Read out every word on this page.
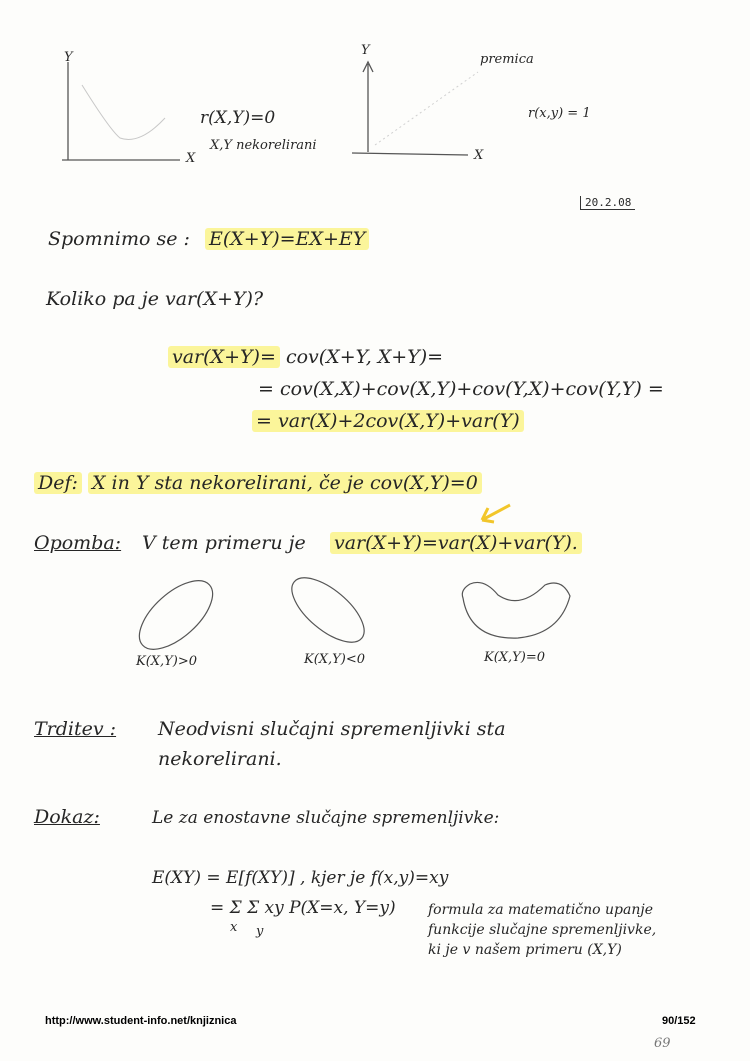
Y
X
r(X,Y)=0
X,Y nekorelirani
Y
X
premica
r(x,y) = 1
20.2.08
Spomnimo se : E(X+Y)=EX+EY
Koliko pa je var(X+Y)?
var(X+Y)= cov(X+Y, X+Y)=
= cov(X,X)+cov(X,Y)+cov(Y,X)+cov(Y,Y) =
= var(X)+2cov(X,Y)+var(Y)
Def: X in Y sta nekorelirani, če je cov(X,Y)=0
Opomba: V tem primeru je var(X+Y)=var(X)+var(Y).
K(X,Y)>0	K(X,Y)<0	K(X,Y)=0
Trditev : Neodvisni slučajni spremenljivki sta
nekorelirani.
Dokaz:	Le za enostavne slučajne spremenljivke:
E(XY) = E[f(XY)] , kjer je f(x,y)=xy
= Σ Σ xy P(X=x, Y=y)
x y
formula za matematično upanje funkcije slučajne spremenljivke, ki je v našem primeru (X,Y)
http://www.student-info.net/knjiznica	90/152
69
